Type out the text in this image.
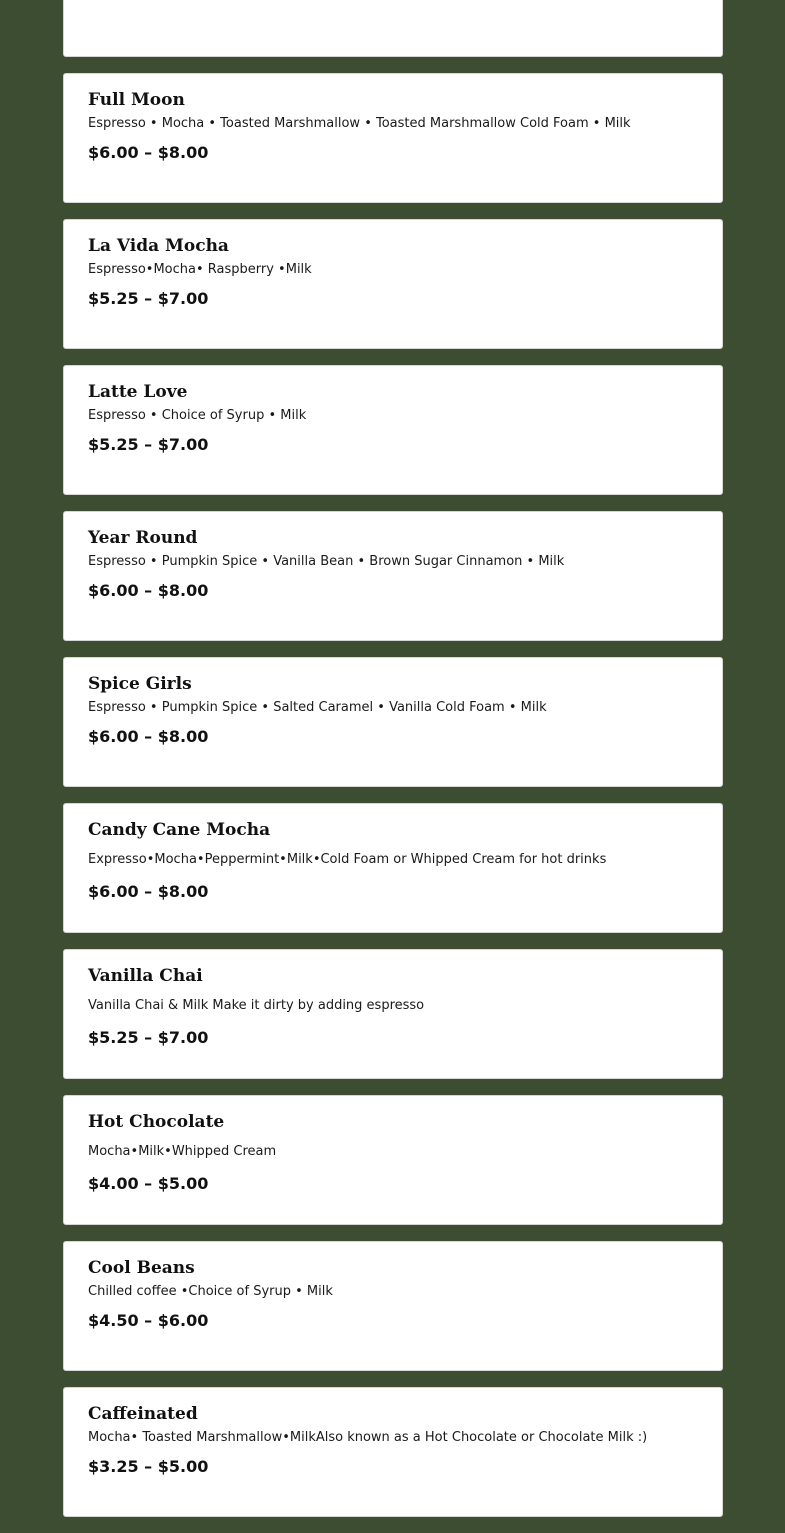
Full Moon
Espresso • Mocha • Toasted Marshmallow • Toasted Marshmallow Cold Foam • Milk
$6.00 – $8.00
La Vida Mocha
Espresso•Mocha• Raspberry •Milk
$5.25 – $7.00
Latte Love
Espresso • Choice of Syrup • Milk
$5.25 – $7.00
Year Round
Espresso • Pumpkin Spice • Vanilla Bean • Brown Sugar Cinnamon • Milk
$6.00 – $8.00
Spice Girls
Espresso • Pumpkin Spice • Salted Caramel • Vanilla Cold Foam • Milk
$6.00 – $8.00
Candy Cane Mocha
Expresso•Mocha•Peppermint•Milk•Cold Foam or Whipped Cream for hot drinks
$6.00 – $8.00
Vanilla Chai
Vanilla Chai & Milk Make it dirty by adding espresso
$5.25 – $7.00
Hot Chocolate
Mocha•Milk•Whipped Cream
$4.00 – $5.00
Cool Beans
Chilled coffee •Choice of Syrup • Milk
$4.50 – $6.00
Caffeinated
Mocha• Toasted Marshmallow•MilkAlso known as a Hot Chocolate or Chocolate Milk :)
$3.25 – $5.00
